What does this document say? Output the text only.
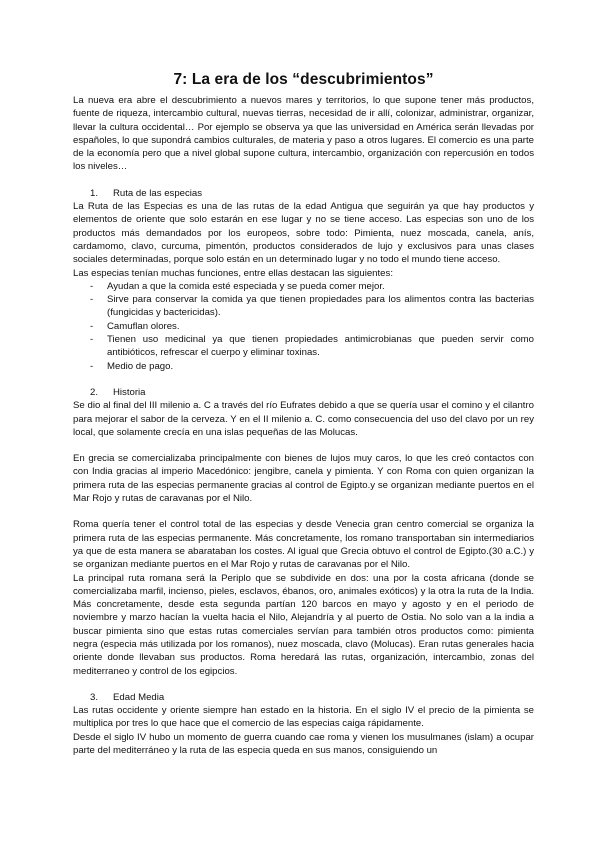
7: La era de los “descubrimientos”

La nueva era abre el descubrimiento a nuevos mares y territorios, lo que supone tener más productos, fuente de riqueza, intercambio cultural, nuevas tierras, necesidad de ir allí, colonizar, administrar, organizar, llevar la cultura occidental… Por ejemplo se observa ya que las universidad en América serán llevadas por españoles, lo que supondrá cambios culturales, de materia y paso a otros lugares. El comercio es una parte de la economía pero que a nivel global supone cultura, intercambio, organización con repercusión en todos los niveles…

1.	Ruta de las especias

La Ruta de las Especias es una de las rutas de la edad Antigua que seguirán ya que hay productos y elementos de oriente que solo estarán en ese lugar y no se tiene acceso. Las especias son uno de los productos más demandados por los europeos, sobre todo: Pimienta, nuez moscada, canela, anís, cardamomo, clavo, curcuma, pimentón, productos considerados de lujo y exclusivos para unas clases sociales determinadas, porque solo están en un determinado lugar y no todo el mundo tiene acceso.

Las especias tenían muchas funciones, entre ellas destacan las siguientes:

- Ayudan a que la comida esté especiada y se pueda comer mejor.
- Sirve para conservar la comida ya que tienen propiedades para los alimentos contra las bacterias (fungicidas y bactericidas).
- Camuflan olores.
- Tienen uso medicinal ya que tienen propiedades antimicrobianas que pueden servir como antibióticos, refrescar el cuerpo y eliminar toxinas.
- Medio de pago.
2.	Historia

Se dio al final del III milenio a. C a través del río Eufrates debido a que se quería usar el comino y el cilantro para mejorar el sabor de la cerveza. Y en el II milenio a. C. como consecuencia del uso del clavo por un rey local, que solamente crecía en una islas pequeñas de las Molucas.

En grecia se comercializaba principalmente con bienes de lujos muy caros, lo que les creó contactos con con India gracias al imperio Macedónico: jengibre, canela y pimienta. Y con Roma con quien organizan la primera ruta de las especias permanente gracias al control de Egipto.y se organizan mediante puertos en el Mar Rojo y rutas de caravanas por el Nilo.

Roma quería tener el control total de las especias y desde Venecia gran centro comercial se organiza la primera ruta de las especias permanente. Más concretamente, los romano transportaban sin intermediarios ya que de esta manera se abarataban los costes. Al igual que Grecia obtuvo el control de Egipto.(30 a.C.) y se organizan mediante puertos en el Mar Rojo y rutas de caravanas por el Nilo.

La principal ruta romana será la Periplo que se subdivide en dos: una por la costa africana (donde se comercializaba marfil, incienso, pieles, esclavos, ébanos, oro, animales exóticos) y la otra la ruta de la India. Más concretamente, desde esta segunda partían 120 barcos en mayo y agosto y en el periodo de noviembre y marzo hacían la vuelta hacia el Nilo, Alejandría y al puerto de Ostia. No solo van a la india a buscar pimienta sino que estas rutas comerciales servían para también otros productos como: pimienta negra (especia más utilizada por los romanos), nuez moscada, clavo (Molucas). Eran rutas generales hacia oriente donde llevaban sus productos. Roma heredará las rutas, organización, intercambio, zonas del mediterraneo y control de los egipcios.

3.	Edad Media

Las rutas occidente y oriente siempre han estado en la historia. En el siglo IV el precio de la pimienta se multiplica por tres lo que hace que el comercio de las especias caiga rápidamente.

Desde el siglo IV hubo un momento de guerra cuando cae roma y vienen los musulmanes (islam) a ocupar parte del mediterráneo y la ruta de las especia queda en sus manos, consiguiendo un
